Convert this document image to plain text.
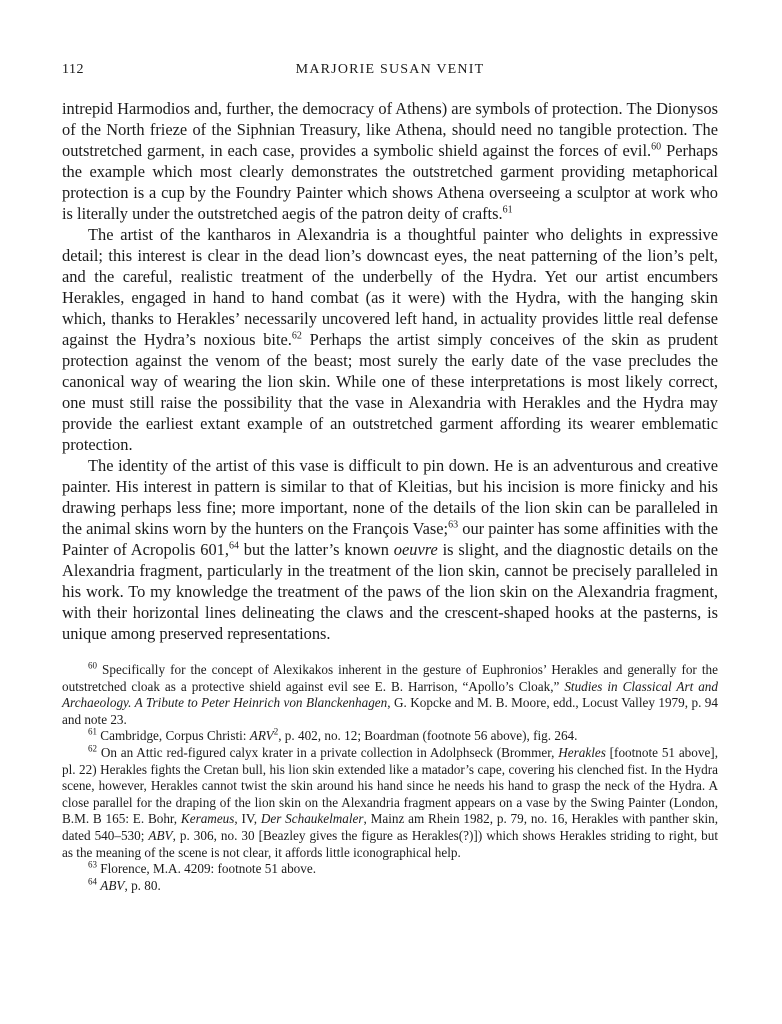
112	MARJORIE SUSAN VENIT

intrepid Harmodios and, further, the democracy of Athens) are symbols of protection. The Dionysos of the North frieze of the Siphnian Treasury, like Athena, should need no tangible protection. The outstretched garment, in each case, provides a symbolic shield against the forces of evil.$^{60}$ Perhaps the example which most clearly demonstrates the outstretched garment providing metaphorical protection is a cup by the Foundry Painter which shows Athena overseeing a sculptor at work who is literally under the outstretched aegis of the patron deity of crafts.$^{61}$

The artist of the kantharos in Alexandria is a thoughtful painter who delights in expressive detail; this interest is clear in the dead lion’s downcast eyes, the neat patterning of the lion’s pelt, and the careful, realistic treatment of the underbelly of the Hydra. Yet our artist encumbers Herakles, engaged in hand to hand combat (as it were) with the Hydra, with the hanging skin which, thanks to Herakles’ necessarily uncovered left hand, in actuality provides little real defense against the Hydra’s noxious bite.$^{62}$ Perhaps the artist simply conceives of the skin as prudent protection against the venom of the beast; most surely the early date of the vase precludes the canonical way of wearing the lion skin. While one of these interpretations is most likely correct, one must still raise the possibility that the vase in Alexandria with Herakles and the Hydra may provide the earliest extant example of an outstretched garment affording its wearer emblematic protection.

The identity of the artist of this vase is difficult to pin down. He is an adventurous and creative painter. His interest in pattern is similar to that of Kleitias, but his incision is more finicky and his drawing perhaps less fine; more important, none of the details of the lion skin can be paralleled in the animal skins worn by the hunters on the François Vase;$^{63}$ our painter has some affinities with the Painter of Acropolis 601,64 but the latter’s known oeuvre is slight, and the diagnostic details on the Alexandria fragment, particularly in the treatment of the lion skin, cannot be precisely paralleled in his work. To my knowledge the treatment of the paws of the lion skin on the Alexandria fragment, with their horizontal lines delineating the claws and the crescent-shaped hooks at the pasterns, is unique among preserved representations.

$^{60}$ Specifically for the concept of Alexikakos inherent in the gesture of Euphronios’ Herakles and generally for the outstretched cloak as a protective shield against evil see E. B. Harrison, “Apollo’s Cloak,” Studies in Classical Art and Archaeology. A Tribute to Peter Heinrich von Blanckenhagen, G. Kopcke and M. B. Moore, edd., Locust Valley 1979, p. 94 and note 23.

$^{61}$ Cambridge, Corpus Christi: ARV$^2$, p. 402, no. 12; Boardman (footnote 56 above), fig. 264.

$^{62}$ On an Attic red-figured calyx krater in a private collection in Adolphseck (Brommer, Herakles [footnote 51 above], pl. 22) Herakles fights the Cretan bull, his lion skin extended like a matador’s cape, covering his clenched fist. In the Hydra scene, however, Herakles cannot twist the skin around his hand since he needs his hand to grasp the neck of the Hydra. A close parallel for the draping of the lion skin on the Alexandria fragment appears on a vase by the Swing Painter (London, B.M. B 165: E. Bohr, Kerameus, IV, Der Schaukelmaler, Mainz am Rhein 1982, p. 79, no. 16, Herakles with panther skin, dated 540–530; ABV, p. 306, no. 30 [Beazley gives the figure as Herakles(?)]) which shows Herakles striding to right, but as the meaning of the scene is not clear, it affords little iconographical help.

$^{63}$ Florence, M.A. 4209: footnote 51 above.

$^{64}$ ABV, p. 80.
